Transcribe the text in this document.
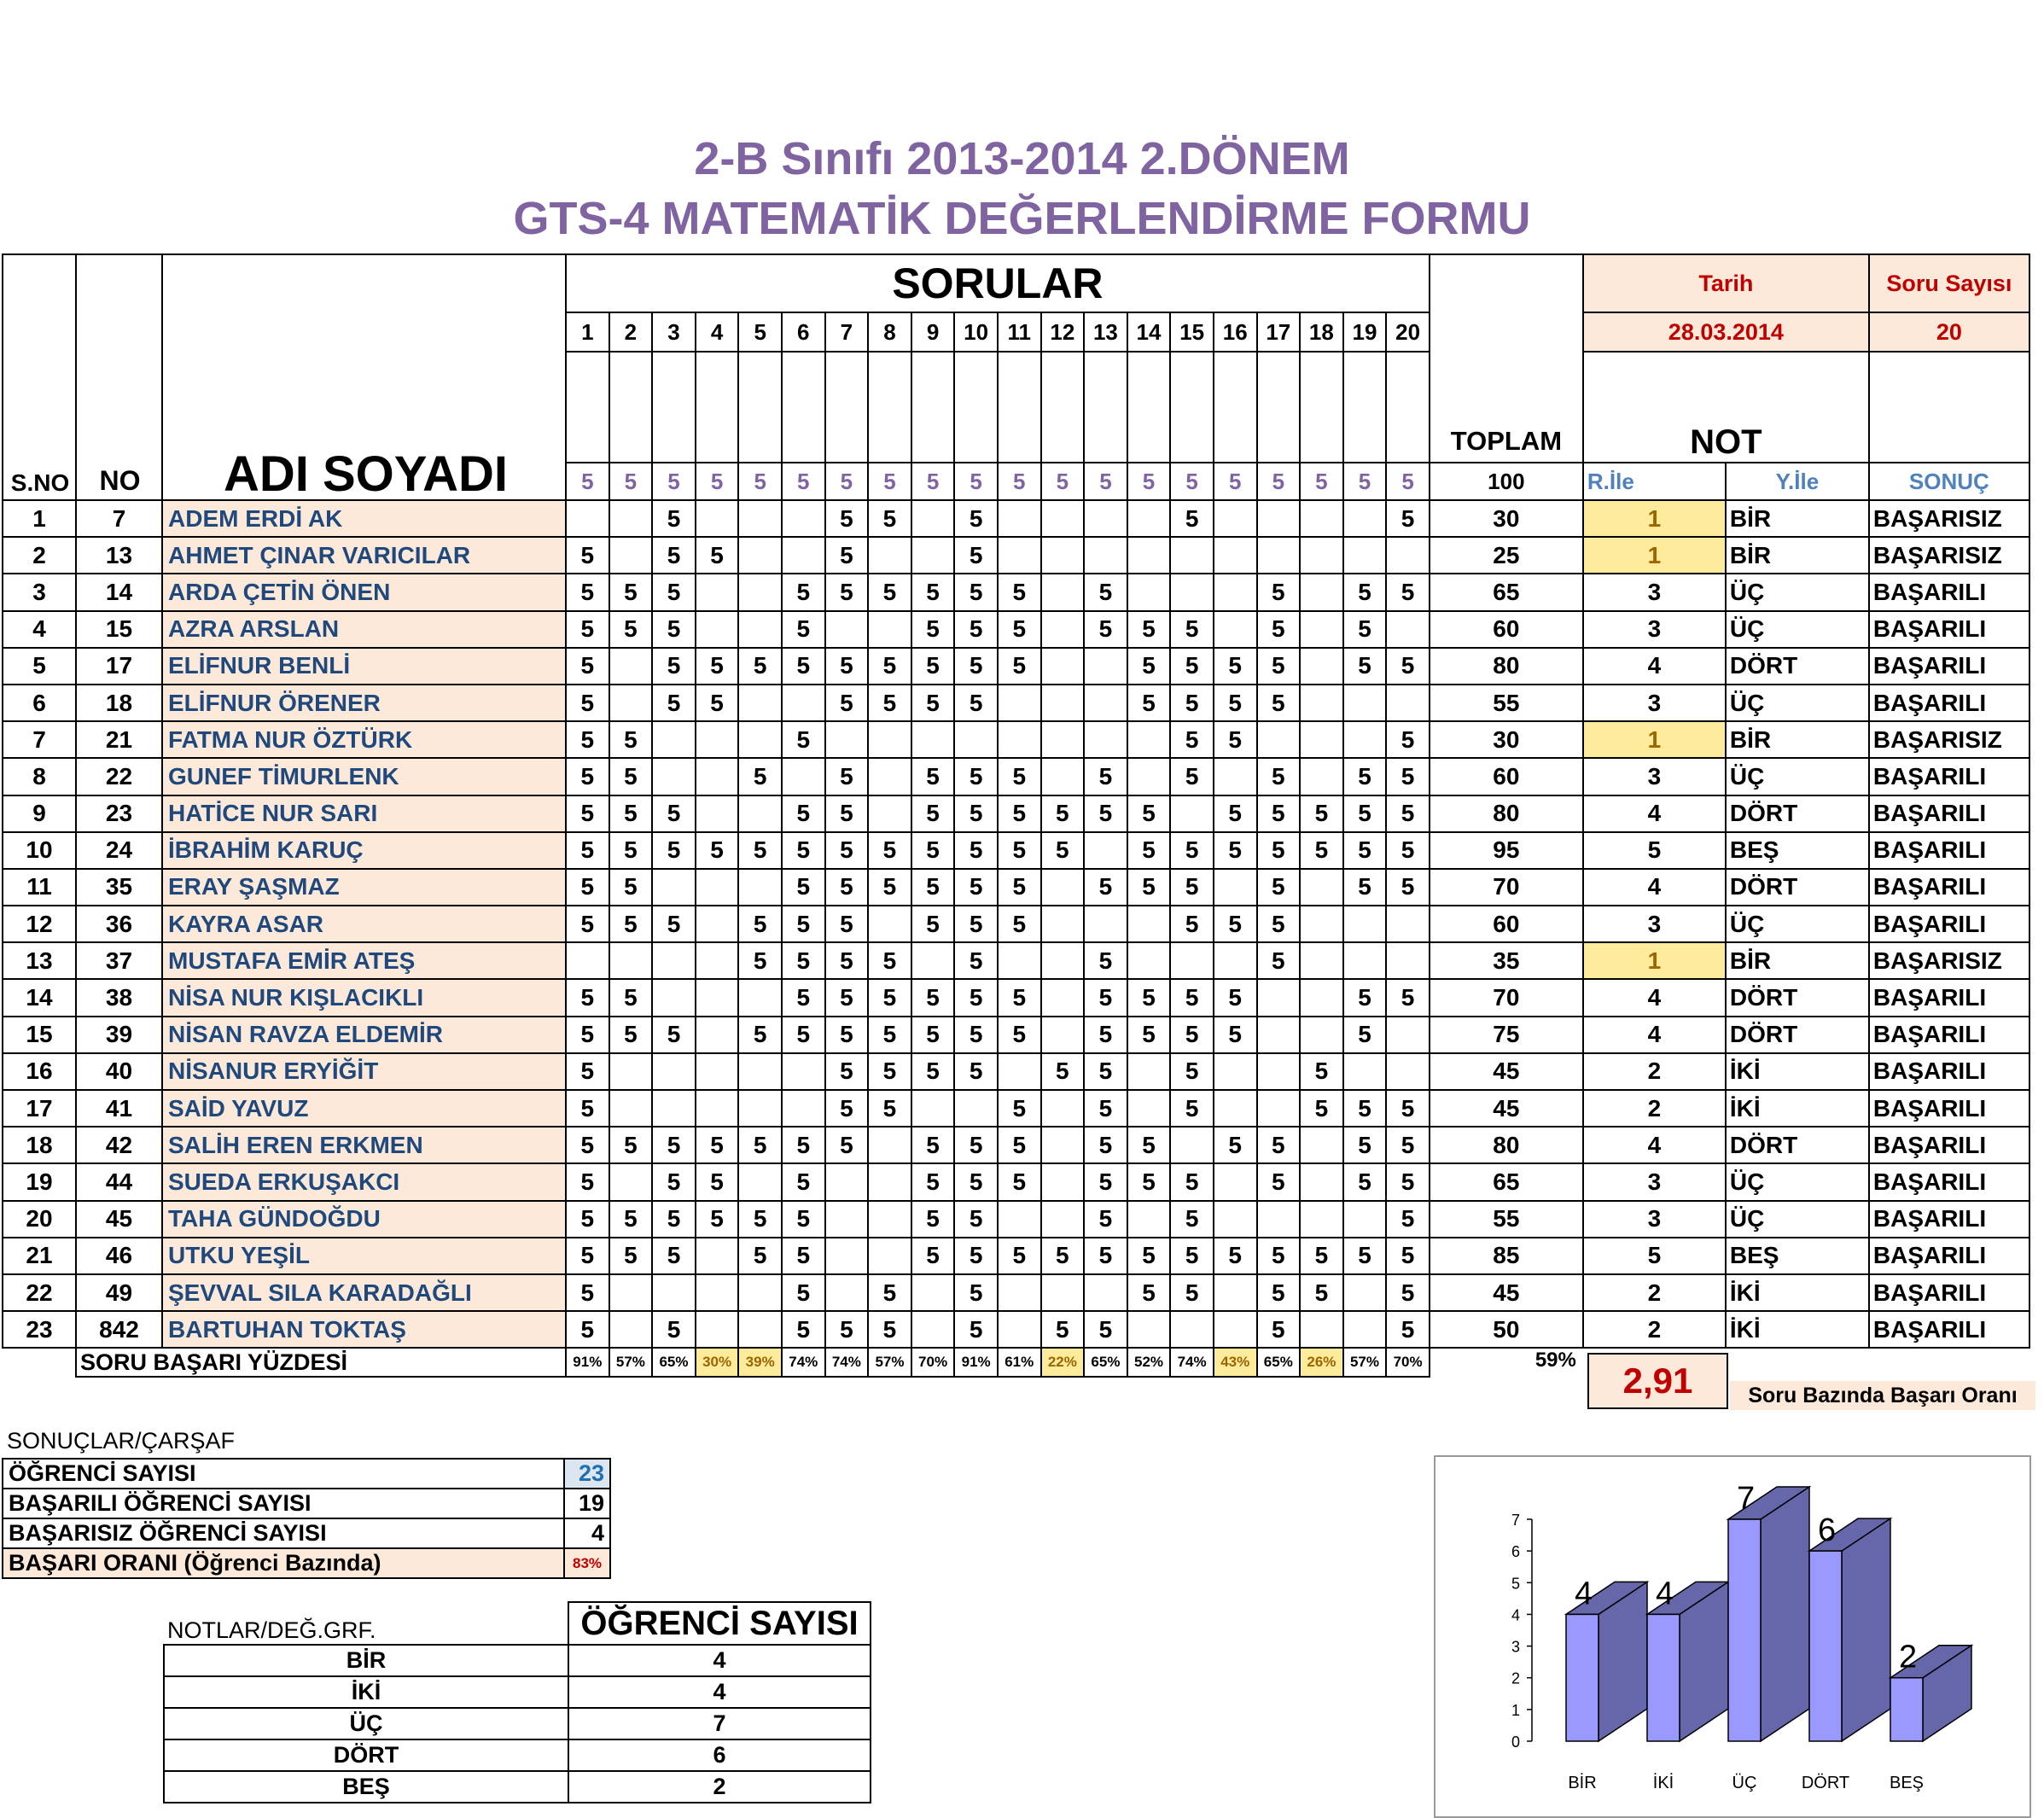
2-B Sınıfı 2013-2014 2.DÖNEM
GTS-4 MATEMATİK DEĞERLENDİRME FORMU
			SORULAR																				TOPLAM	Tarih		Soru Sayısı
			1	2	3	4	5	6	7	8	9	10	11	12	13	14	15	16	17	18	19	20		28.03.2014		20
																								NOT		
			5	5	5	5	5	5	5	5	5	5	5	5	5	5	5	5	5	5	5	5	100	R.İle	Y.İle	SONUÇ
1	7	ADEM ERDİ AK			5				5	5		5					5					5	30	1	BİR	BAŞARISIZ
2	13	AHMET ÇINAR VARICILAR	5		5	5			5			5											25	1	BİR	BAŞARISIZ
3	14	ARDA ÇETİN ÖNEN	5	5	5			5	5	5	5	5	5		5				5		5	5	65	3	ÜÇ	BAŞARILI
4	15	AZRA ARSLAN	5	5	5			5			5	5	5		5	5	5		5		5		60	3	ÜÇ	BAŞARILI
5	17	ELİFNUR BENLİ	5		5	5	5	5	5	5	5	5	5			5	5	5	5		5	5	80	4	DÖRT	BAŞARILI
6	18	ELİFNUR ÖRENER	5		5	5			5	5	5	5				5	5	5	5				55	3	ÜÇ	BAŞARILI
7	21	FATMA NUR ÖZTÜRK	5	5				5									5	5				5	30	1	BİR	BAŞARISIZ
8	22	GUNEF TİMURLENK	5	5			5		5		5	5	5		5		5		5		5	5	60	3	ÜÇ	BAŞARILI
9	23	HATİCE NUR SARI	5	5	5			5	5		5	5	5	5	5	5		5	5	5	5	5	80	4	DÖRT	BAŞARILI
10	24	İBRAHİM KARUÇ	5	5	5	5	5	5	5	5	5	5	5	5		5	5	5	5	5	5	5	95	5	BEŞ	BAŞARILI
11	35	ERAY ŞAŞMAZ	5	5				5	5	5	5	5	5		5	5	5		5		5	5	70	4	DÖRT	BAŞARILI
12	36	KAYRA ASAR	5	5	5		5	5	5		5	5	5				5	5	5				60	3	ÜÇ	BAŞARILI
13	37	MUSTAFA EMİR ATEŞ					5	5	5	5		5			5				5				35	1	BİR	BAŞARISIZ
14	38	NİSA NUR KIŞLACIKLI	5	5				5	5	5	5	5	5		5	5	5	5			5	5	70	4	DÖRT	BAŞARILI
15	39	NİSAN RAVZA ELDEMİR	5	5	5		5	5	5	5	5	5	5		5	5	5	5			5		75	4	DÖRT	BAŞARILI
16	40	NİSANUR ERYİĞİT	5						5	5	5	5		5	5		5			5			45	2	İKİ	BAŞARILI
17	41	SAİD YAVUZ	5						5	5			5		5		5			5	5	5	45	2	İKİ	BAŞARILI
18	42	SALİH EREN ERKMEN	5	5	5	5	5	5	5		5	5	5		5	5		5	5		5	5	80	4	DÖRT	BAŞARILI
19	44	SUEDA ERKUŞAKCI	5		5	5		5			5	5	5		5	5	5		5		5	5	65	3	ÜÇ	BAŞARILI
20	45	TAHA GÜNDOĞDU	5	5	5	5	5	5			5	5			5		5					5	55	3	ÜÇ	BAŞARILI
21	46	UTKU YEŞİL	5	5	5		5	5			5	5	5	5	5	5	5	5	5	5	5	5	85	5	BEŞ	BAŞARILI
22	49	ŞEVVAL SILA KARADAĞLI	5					5		5		5				5	5		5	5		5	45	2	İKİ	BAŞARILI
23	842	BARTUHAN TOKTAŞ	5		5			5	5	5		5		5	5				5			5	50	2	İKİ	BAŞARILI
	SORU BAŞARI YÜZDESİ		91%	57%	65%	30%	39%	74%	74%	57%	70%	91%	61%	22%	65%	52%	74%	43%	65%	26%	57%	70%	59%			
SONUÇLAR/ÇARŞAF
ÖĞRENCİ SAYISI	23
BAŞARILI ÖĞRENCİ SAYISI	19
BAŞARISIZ ÖĞRENCİ SAYISI	4
BAŞARI ORANI (Öğrenci Bazında)	83%
NOTLAR/DEĞ.GRF.
		ÖĞRENCİ SAYISI
BİR	4
İKİ	4
ÜÇ	7
DÖRT	6
BEŞ	2
0
1
2
3
4
5
6
7
4
BİR
4
İKİ
7
ÜÇ
6
DÖRT
2
BEŞ
S.NO	NO	ADI SOYADI
2,91	Soru Bazında Başarı Oranı
